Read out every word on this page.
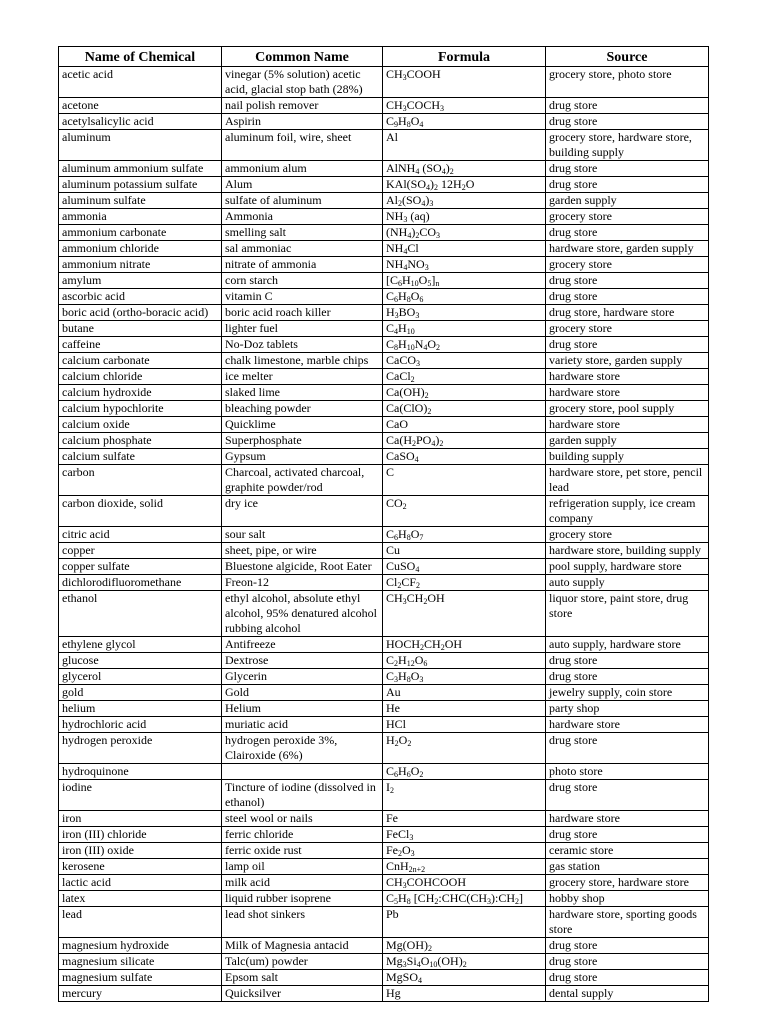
Name of Chemical	Common Name	Formula	Source
acetic acid	vinegar (5% solution) acetic acid, glacial stop bath (28%)	$CH_3COOH$	grocery store, photo store
acetone	nail polish remover	$CH_3COCH_3$	drug store
acetylsalicylic acid	Aspirin	$C_9H_8O_4$	drug store
aluminum	aluminum foil, wire, sheet	Al	grocery store, hardware store, building supply
aluminum ammonium sulfate	ammonium alum	AlNH$_4$ $(SO_4)_2$	drug store
aluminum potassium sulfate	Alum	$KAl(SO_4)_2$ $12H_2O$	drug store
aluminum sulfate	sulfate of aluminum	$Al_2(SO_4)_3$	garden supply
ammonia	Ammonia	$NH_3$ (aq)	grocery store
ammonium carbonate	smelling salt	$(NH_4)_2CO_3$	drug store
ammonium chloride	sal ammoniac	$NH_4Cl$	hardware store, garden supply
ammonium nitrate	nitrate of ammonia	$NH_4NO_3$	grocery store
amylum	corn starch	$[C_6H_{10}O_5]_n$	drug store
ascorbic acid	vitamin C	$C_6H_8O_6$	drug store
boric acid (ortho-boracic acid)	boric acid roach killer	$H_3BO_3$	drug store, hardware store
butane	lighter fuel	$C_4H_{10}$	grocery store
caffeine	No-Doz tablets	$C_8H_{10}N_4O_2$	drug store
calcium carbonate	chalk limestone, marble chips	CaCO$_3$	variety store, garden supply
calcium chloride	ice melter	CaCl$_2$	hardware store
calcium hydroxide	slaked lime	$Ca(OH)_2$	hardware store
calcium hypochlorite	bleaching powder	$Ca(ClO)_2$	grocery store, pool supply
calcium oxide	Quicklime	CaO	hardware store
calcium phosphate	Superphosphate	$Ca(H_2PO_4)_2$	garden supply
calcium sulfate	Gypsum	CaSO$_4$	building supply
carbon	Charcoal, activated charcoal, graphite powder/rod	C	hardware store, pet store, pencil lead
carbon dioxide, solid	dry ice	$CO_2$	refrigeration supply, ice cream company
citric acid	sour salt	$C_6H_8O_7$	grocery store
copper	sheet, pipe, or wire	Cu	hardware store, building supply
copper sulfate	Bluestone algicide, Root Eater	CuSO$_4$	pool supply, hardware store
dichlorodifluoromethane	Freon-12	$Cl_2CF_2$	auto supply
ethanol	ethyl alcohol, absolute ethyl alcohol, 95% denatured alcohol rubbing alcohol	$CH_3CH_2OH$	liquor store, paint store, drug store
ethylene glycol	Antifreeze	$HOCH_2CH_2OH$	auto supply, hardware store
glucose	Dextrose	$C_2H_{12}O_6$	drug store
glycerol	Glycerin	$C_3H_8O_3$	drug store
gold	Gold	Au	jewelry supply, coin store
helium	Helium	He	party shop
hydrochloric acid	muriatic acid	HCl	hardware store
hydrogen peroxide	hydrogen peroxide 3%, Clairoxide (6%)	$H_2O_2$	drug store
hydroquinone		$C_6H_6O_2$	photo store
iodine	Tincture of iodine (dissolved in ethanol)	$I_2$	drug store
iron	steel wool or nails	Fe	hardware store
iron (III) chloride	ferric chloride	FeCl$_3$	drug store
iron (III) oxide	ferric oxide rust	$Fe_2O_3$	ceramic store
kerosene	lamp oil	CnH$_{2n+2}$	gas station
lactic acid	milk acid	$CH_3COHCOOH$	grocery store, hardware store
latex	liquid rubber isoprene	$C_5H_8$ $[CH_2:CHC(CH_3):CH_2]$	hobby shop
lead	lead shot sinkers	Pb	hardware store, sporting goods store
magnesium hydroxide	Milk of Magnesia antacid	$Mg(OH)_2$	drug store
magnesium silicate	Talc(um) powder	$Mg_3Si_4O_{10}(OH)_2$	drug store
magnesium sulfate	Epsom salt	MgSO$_4$	drug store
mercury	Quicksilver	Hg	dental supply
